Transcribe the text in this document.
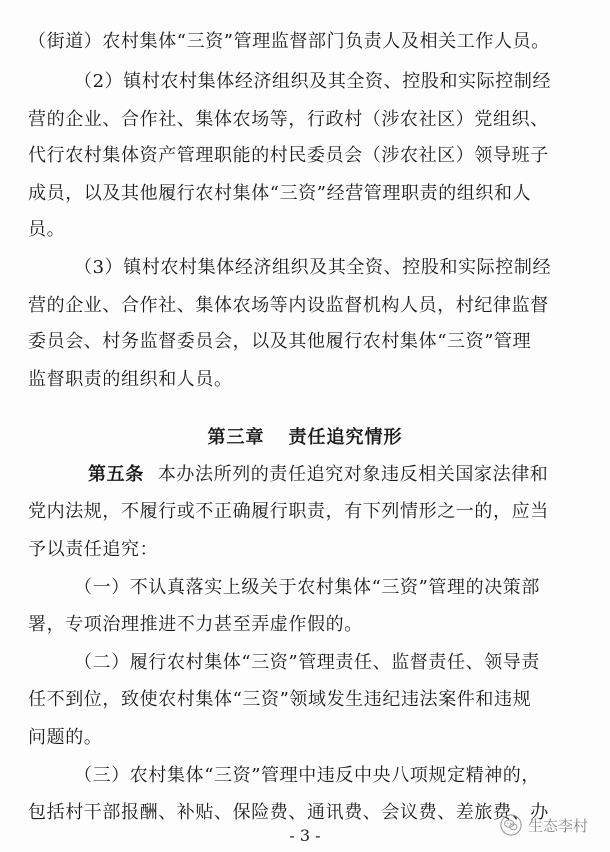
（街道）农村集体“三资”管理监督部门负责人及相关工作人员。
（2）镇村农村集体经济组织及其全资、控股和实际控制经
营的企业、合作社、集体农场等，行政村（涉农社区）党组织、
代行农村集体资产管理职能的村民委员会（涉农社区）领导班子
成员，以及其他履行农村集体“三资”经营管理职责的组织和人
员。
（3）镇村农村集体经济组织及其全资、控股和实际控制经
营的企业、合作社、集体农场等内设监督机构人员，村纪律监督
委员会、村务监督委员会，以及其他履行农村集体“三资”管理
监督职责的组织和人员。
第三章 责任追究情形
第五条 本办法所列的责任追究对象违反相关国家法律和
党内法规，不履行或不正确履行职责，有下列情形之一的，应当
予以责任追究：
（一）不认真落实上级关于农村集体“三资”管理的决策部
署，专项治理推进不力甚至弄虚作假的。
（二）履行农村集体“三资”管理责任、监督责任、领导责
任不到位，致使农村集体“三资”领域发生违纪违法案件和违规
问题的。
（三）农村集体“三资”管理中违反中央八项规定精神的，
包括村干部报酬、补贴、保险费、通讯费、会议费、差旅费、办
- 3 -
生态李村
